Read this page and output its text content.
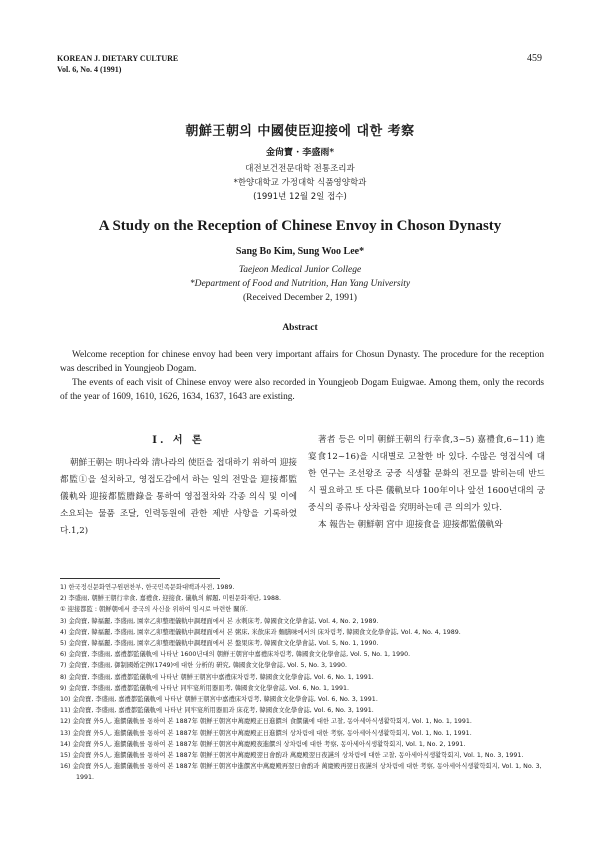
KOREAN J. DIETARY CULTURE
Vol. 6, No. 4 (1991)
459
朝鮮王朝의 中國使臣迎接에 대한 考察
金尙寶 · 李盛雨*
대전보건전문대학 전통조리과
*한양대학교 가정대학 식품영양학과
(1991년 12월 2일 접수)
A Study on the Reception of Chinese Envoy in Choson Dynasty
Sang Bo Kim, Sung Woo Lee*
Taejeon Medical Junior College
*Department of Food and Nutrition, Han Yang University
(Received December 2, 1991)
Abstract

Welcome reception for chinese envoy had been very important affairs for Chosun Dynasty. The procedure for the reception was described in Youngjeob Dogam.

The events of each visit of Chinese envoy were also recorded in Youngjeob Dogam Euigwae. Among them, only the records of the year of 1609, 1610, 1626, 1634, 1637, 1643 are existing.

I. 서 론

朝鮮王朝는 明나라와 淸나라의 使臣을 접대하기 위하여 迎接都監①을 설치하고, 영접도감에서 하는 일의 전말을 迎接都監儀軌와 迎接都監謄錄을 통하여 영접절차와 각종 의식 및 이에 소요되는 물품 조달, 인력동원에 관한 제반 사항을 기록하였다.1,2)

著者 등은 이미 朝鮮王朝의 行幸食,3~5) 嘉禮食,6~11) 進宴食12~16)을 시대별로 고찰한 바 있다. 수많은 영접식에 대한 연구는 조선왕조 궁중 식생활 문화의 전모를 밝히는데 반드시 필요하고 또 다른 儀軌보다 100年이나 앞선 1600년대의 궁중식의 종류나 상차림을 究明하는데 큰 의의가 있다.

本 報告는 朝鮮朝 宮中 迎接食을 迎接都監儀軌와

1) 한국정신문화연구원편찬부, 한국민족문화대백과사전, 1989.
2) 李盛雨, 朝鮮王朝行幸食, 嘉禮食, 迎接食, 儀軌의 解題, 미원문화재단, 1988.
① 迎接都監 : 朝鮮朝에서 중국의 사신을 위하여 임시로 마련한 關所.
3) 金尙寶, 韓福麗, 李盛雨, 園幸乙卯整理儀軌中調理面에서 본 水剌床考, 韓國食文化學會誌, Vol. 4, No. 2, 1989.
4) 金尙寶, 韓福麗, 李盛雨, 園幸乙卯整理儀軌中調理面에서 본 粥床, 米飮床과 麵膳味에서의 床차림考, 韓國食文化學會誌, Vol. 4, No. 4, 1989.
5) 金尙寶, 韓福麗, 李盛雨, 園幸乙卯整理儀軌中調理面에서 본 盤果床考, 韓國食文化學會誌, Vol. 5, No. 1, 1990.
6) 金尙寶, 李盛雨, 嘉禮都監儀軌에 나타난 1600년대의 朝鮮王朝宮中嘉禮床차림考, 韓國食文化學會誌, Vol. 5, No. 1, 1990.
7) 金尙寶, 李盛雨, 御制國婚定例(1749)에 대한 分析的 硏究, 韓國食文化學會誌, Vol. 5, No. 3, 1990.
8) 金尙寶, 李盛雨, 嘉禮都監儀軌에 나타난 朝鮮王朝宮中嘉禮床차림考, 韓國食文化學會誌, Vol. 6, No. 1, 1991.
9) 金尙寶, 李盛雨, 嘉禮都監儀軌에 나타난 同牢宴所用器皿考, 韓國食文化學會誌, Vol. 6, No. 1, 1991.
10) 金尙寶, 李盛雨, 嘉禮都監儀軌에 나타난 朝鮮王朝宮中嘉禮床차림考, 韓國食文化學會誌, Vol. 6, No. 3, 1991.
11) 金尙寶, 李盛雨, 嘉禮都監儀軌에 나타난 同牢宴所用器皿과 床花考, 韓國食文化學會誌, Vol. 6, No. 3, 1991.
12) 金尙寶 外5人, 進饌儀軌를 통하여 본 1887年 朝鮮王朝宮中萬慶殿正日進饌의 食饌儀에 대한 고찰, 동아세아식생활학회지, Vol. 1, No. 1, 1991.
13) 金尙寶 外5人, 進饌儀軌를 통하여 본 1887年 朝鮮王朝宮中萬慶殿正日進饌의 상차림에 대한 考察, 동아세아식생활학회지, Vol. 1, No. 1, 1991.
14) 金尙寶 外5人, 進饌儀軌를 통하여 본 1887年 朝鮮王朝宮中萬慶殿夜進饌의 상차림에 대한 考察, 동아세아식생활학회지, Vol. 1, No. 2, 1991.
15) 金尙寶 外5人, 進饌儀軌를 통하여 본 1887年 朝鮮王朝宮中萬慶殿翌日會酌과 萬慶殿翌日夜讌의 상차림에 대한 고찰, 동아세아식생활학회지, Vol. 1, No. 3, 1991.
16) 金尙寶 外5人, 進饌儀軌를 통하여 본 1887年 朝鮮王朝宮中進饌宮中萬慶殿再翌日會酌과 萬慶殿再翌日夜讌의 상차림에 대한 考察, 동아세아식생활학회지, Vol. 1, No. 3, 1991.
